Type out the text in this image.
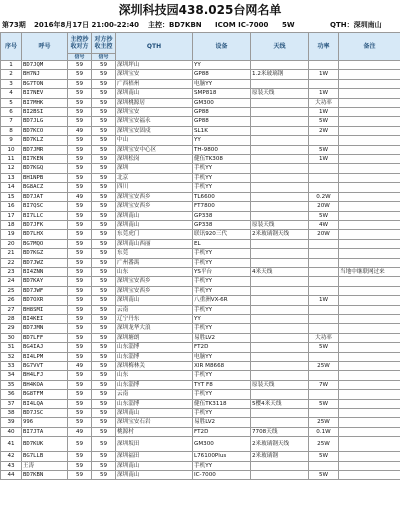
深圳科技园438.025台网名单
第73期 2016年8月17日 21:00-22:40 主控：BD7KBN ICOM IC-7000 5W	QTH：深圳南山
序号	呼号	主控抄收对方	对方抄收主控	QTH	设备	天线	功率	备注
		信号	信号					
1	BD7JQM	59	59	深圳坪山	YY			
2	BH7NJ	59	59	深圳宝安	GP88	1.2米玻璃钢	1W	
3	BG7TON	59	59	广西梧州	电脑YY			
4	BI7NEV	59	59	深圳南山	SMP818	原装天线	1W	
5	BI7MHK	59	59	深圳桃源居	GM300		大功率	
6	BI2BSI	59	59	深圳宝安	GP88		1W	
7	BD7JLG	59	59	深圳宝安福永	GP88		5W	
8	BD7KCO	49	59	深圳宝安固戍	SL1K		2W	
9	BD7KLZ	59	59	中山	YY			
10	BD7JMR	59	59	深圳宝安中心区	TH-9800		5W	
11	BI7KEN	59	59	深圳松岗	健伍TK308		1W	
12	BD7KGQ	59	59	深圳	手机YY			
13	BH1NPB	59	59	北京	手机YY			
14	BG8ACZ	59	59	四川	手机YY			
15	BD7JAT	49	59	深圳宝安西乡	TL6600		0.2W	
16	BI7QSC	59	59	深圳宝安西乡	FT7800		20W	
17	BI7LLC	59	59	深圳南山	GP338		5W	
18	BD7JFK	59	59	深圳南山	GP338	原装天线	4W	
19	BD7LHX	59	59	东莞虎门	联讯920三代	2米玻璃钢天线	20W	
20	BG7MQO	59	59	深圳南山西丽	EL			
21	BD7KGZ	59	59	东莞	手机YY			
22	BD7JWZ	59	59	广州番禺	手机YY			
23	BI4ZNN	59	59	山东	YS平台	4米天线		当地中继联网过来
24	BD7KAY	59	59	深圳宝安西乡	手机YY			
25	BD7JWF	59	59	深圳宝安西乡	手机YY			
26	BD7OXR	59	59	深圳南山	八重洲VX-6R		1W	
27	BH8SMI	59	59	云南	手机YY			
28	BI4KEI	59	59	辽宁丹东	YY			
29	BD7JMN	59	59	深圳龙华大浪	手机YY			
30	BD7LFF	59	59	深圳塘朗	易胜LV2		大功率	
31	BG4IAJ	59	59	山东淄博	FT2D		5W	
32	BI4LPM	59	59	山东淄博	电脑YY			
33	BG7VVT	49	59	深圳梅林关	XIR M8668		25W	
34	BH4LFJ	59	59	山东	手机YY			
35	BH4KOA	59	59	山东淄博	TYT F8	原装天线	7W	
36	BG8TFM	59	59	云南	手机YY			
37	BI4LQA	59	59	山东淄博	健伍TK3118	5樱4米天线	5W	
38	BD7JSC	59	59	深圳南山	手机YY			
39	996	59	59	深圳宝安石岩	易胜LV2		25W	
40	BI7JTA	49	59	桃源村	FT2D	7708天线	0.1W	
41	BD7KUK	59	59	深圳坂田	GM300	2米玻璃钢天线	25W	
42	BG7LLB	59	59	深圳福田	L76100Plus	2米玻璃钢	5W	
43	王涛	59	59	深圳南山	手机YY			
44	BD7KBN	59	59	深圳南山	IC-7000		5W	
